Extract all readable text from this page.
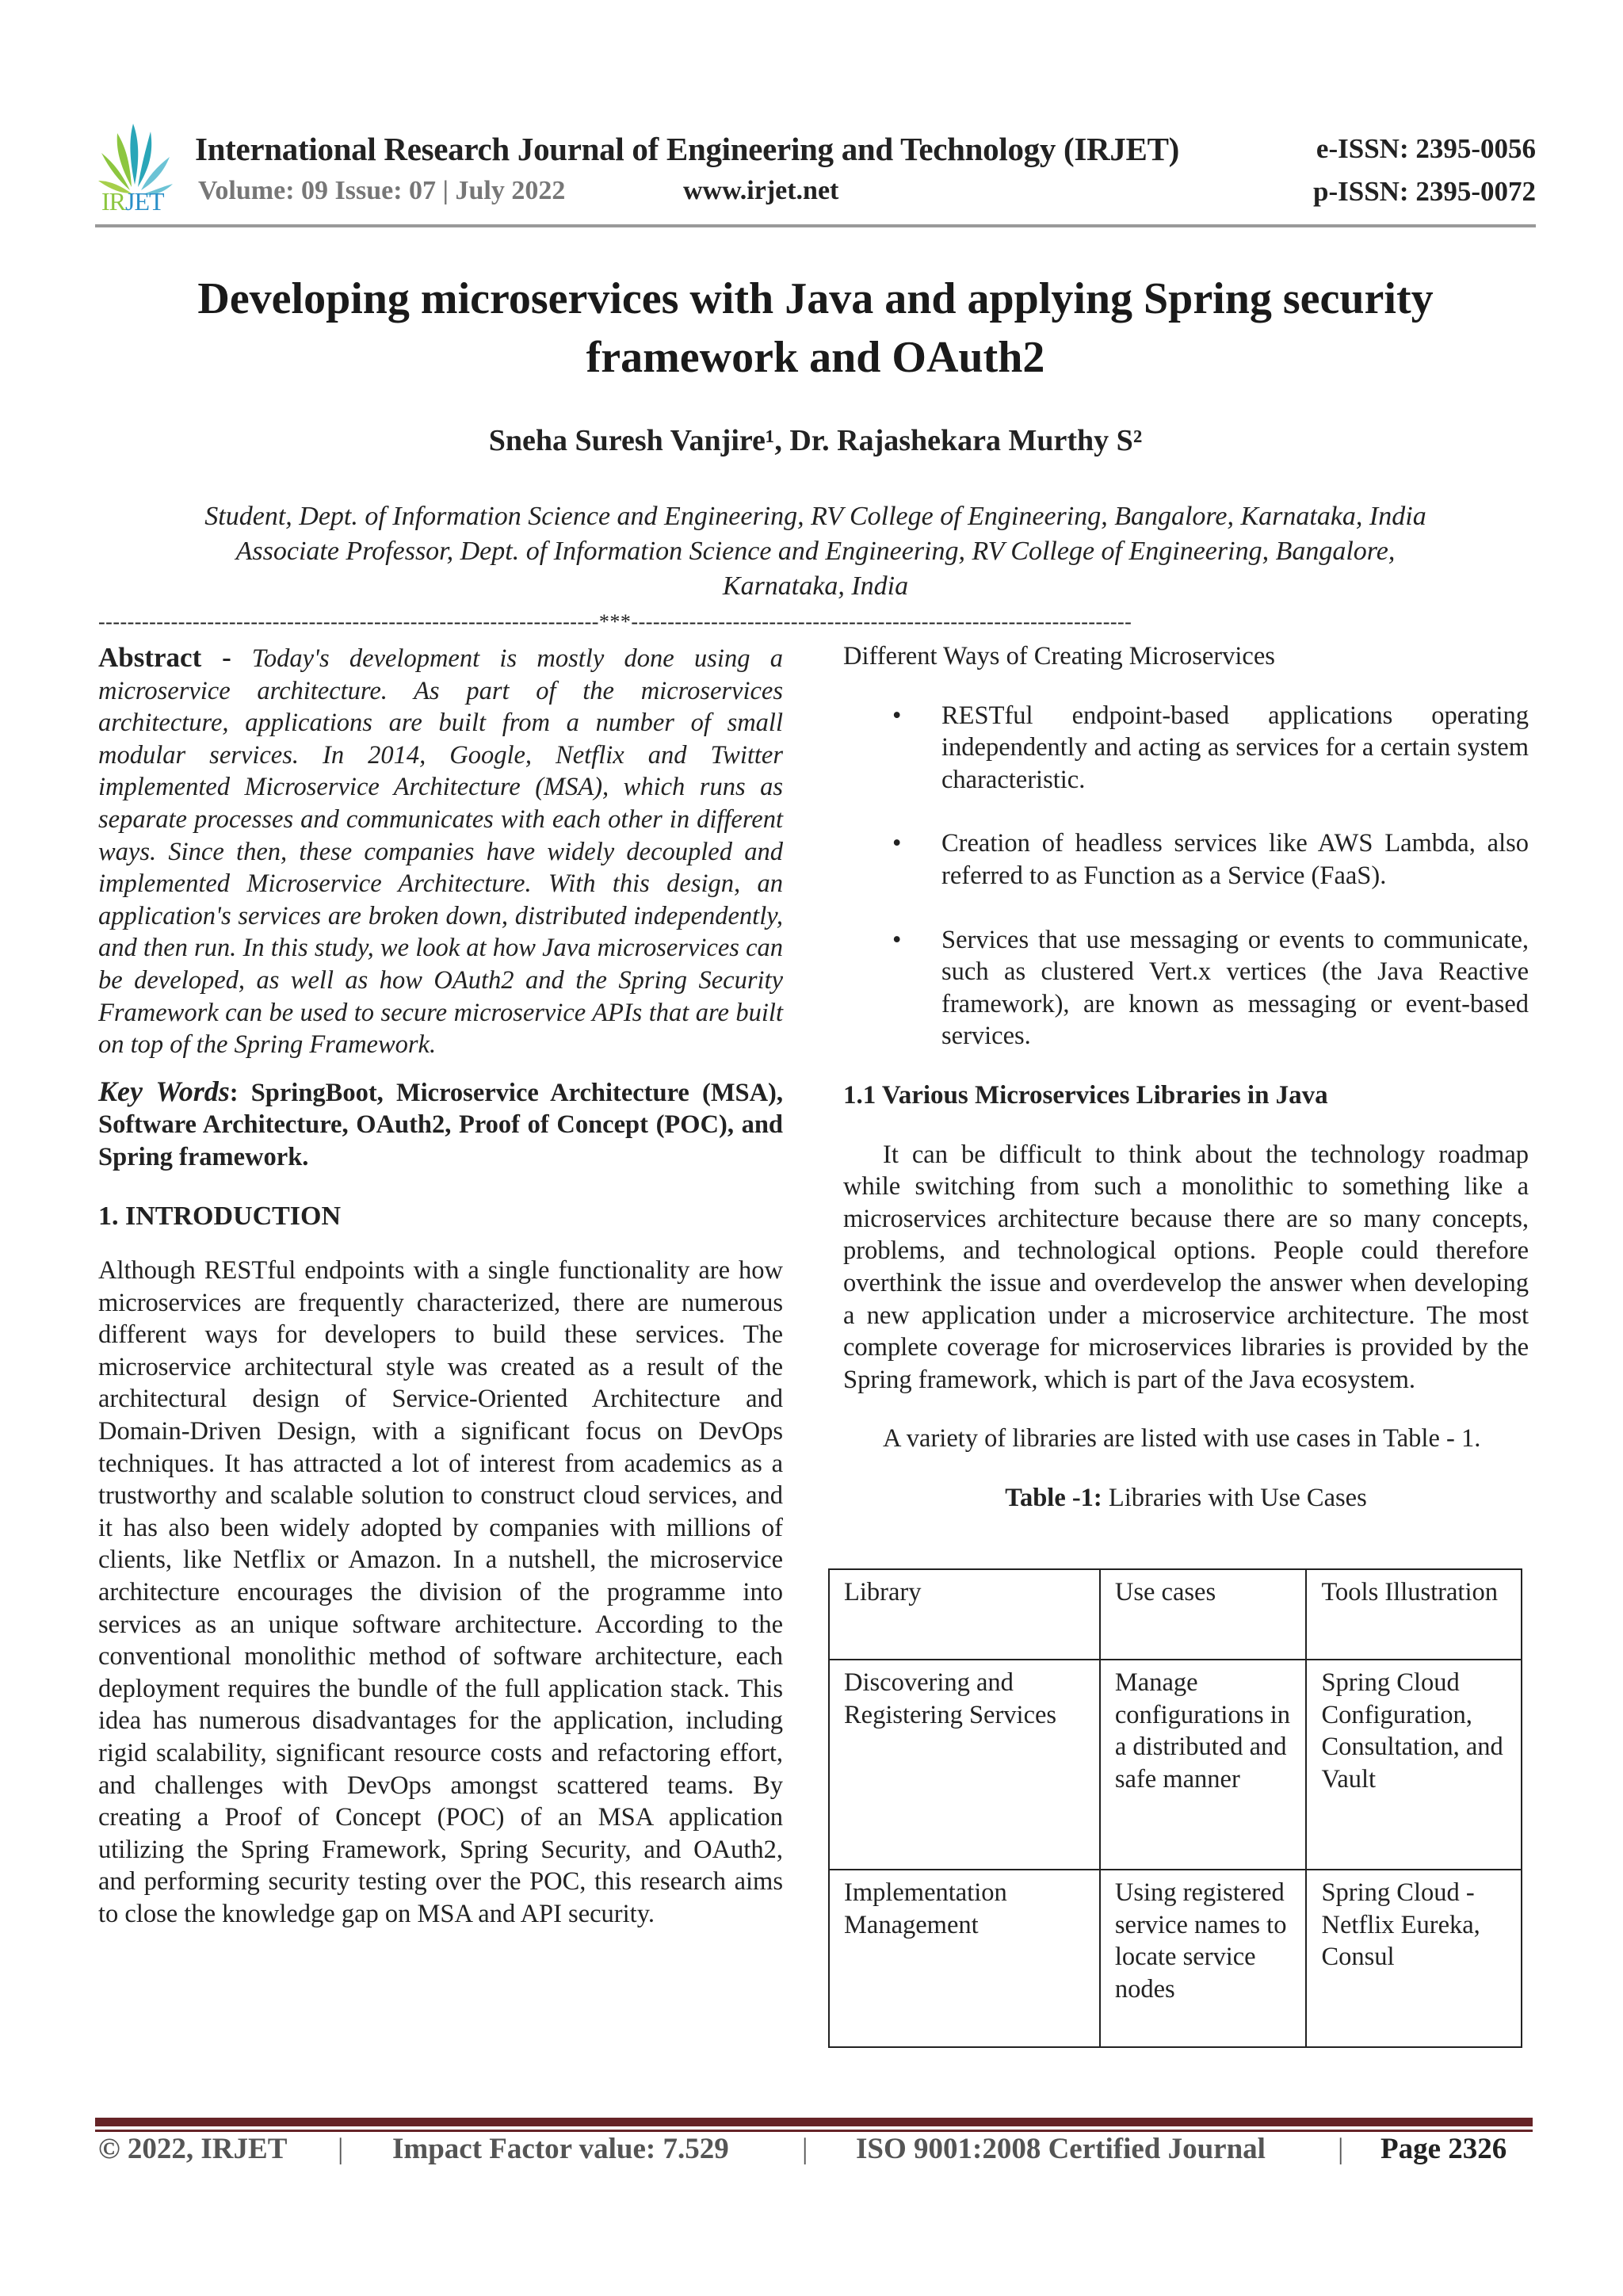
IRJET
International Research Journal of Engineering and Technology (IRJET)	e-ISSN: 2395-0056
Volume: 09 Issue: 07 | July 2022	www.irjet.net	p-ISSN: 2395-0072
Developing microservices with Java and applying Spring security
framework and OAuth2
Sneha Suresh Vanjire¹, Dr. Rajashekara Murthy S²
Student, Dept. of Information Science and Engineering, RV College of Engineering, Bangalore, Karnataka, India
Associate Professor, Dept. of Information Science and Engineering, RV College of Engineering, Bangalore,
Karnataka, India
---------------------------------------------------------------------***---------------------------------------------------------------------

Abstract - Today's development is mostly done using a microservice architecture. As part of the microservices architecture, applications are built from a number of small modular services. In 2014, Google, Netflix and Twitter implemented Microservice Architecture (MSA), which runs as separate processes and communicates with each other in different ways. Since then, these companies have widely decoupled and implemented Microservice Architecture. With this design, an application's services are broken down, distributed independently, and then run. In this study, we look at how Java microservices can be developed, as well as how OAuth2 and the Spring Security Framework can be used to secure microservice APIs that are built on top of the Spring Framework.

Key Words: SpringBoot, Microservice Architecture (MSA), Software Architecture, OAuth2, Proof of Concept (POC), and Spring framework.

1. INTRODUCTION

Although RESTful endpoints with a single functionality are how microservices are frequently characterized, there are numerous different ways for developers to build these services. The microservice architectural style was created as a result of the architectural design of Service-Oriented Architecture and Domain-Driven Design, with a significant focus on DevOps techniques. It has attracted a lot of interest from academics as a trustworthy and scalable solution to construct cloud services, and it has also been widely adopted by companies with millions of clients, like Netflix or Amazon. In a nutshell, the microservice architecture encourages the division of the programme into services as an unique software architecture. According to the conventional monolithic method of software architecture, each deployment requires the bundle of the full application stack. This idea has numerous disadvantages for the application, including rigid scalability, significant resource costs and refactoring effort, and challenges with DevOps amongst scattered teams. By creating a Proof of Concept (POC) of an MSA application utilizing the Spring Framework, Spring Security, and OAuth2, and performing security testing over the POC, this research aims to close the knowledge gap on MSA and API security.

Different Ways of Creating Microservices

• RESTful endpoint-based applications operating independently and acting as services for a certain system characteristic.
• Creation of headless services like AWS Lambda, also referred to as Function as a Service (FaaS).
• Services that use messaging or events to communicate, such as clustered Vert.x vertices (the Java Reactive framework), are known as messaging or event-based services.
1.1 Various Microservices Libraries in Java

It can be difficult to think about the technology roadmap while switching from such a monolithic to something like a microservices architecture because there are so many concepts, problems, and technological options. People could therefore overthink the issue and overdevelop the answer when developing a new application under a microservice architecture. The most complete coverage for microservices libraries is provided by the Spring framework, which is part of the Java ecosystem.

A variety of libraries are listed with use cases in Table - 1.

Table -1: Libraries with Use Cases

Library	Use cases	Tools Illustration
Discovering and Registering Services	Manage configurations in a distributed and safe manner	Spring Cloud Configuration, Consultation, and Vault
Implementation Management	Using registered service names to locate service nodes	Spring Cloud - Netflix Eureka, Consul
© 2022, IRJET | Impact Factor value: 7.529 | ISO 9001:2008 Certified Journal | Page 2326
